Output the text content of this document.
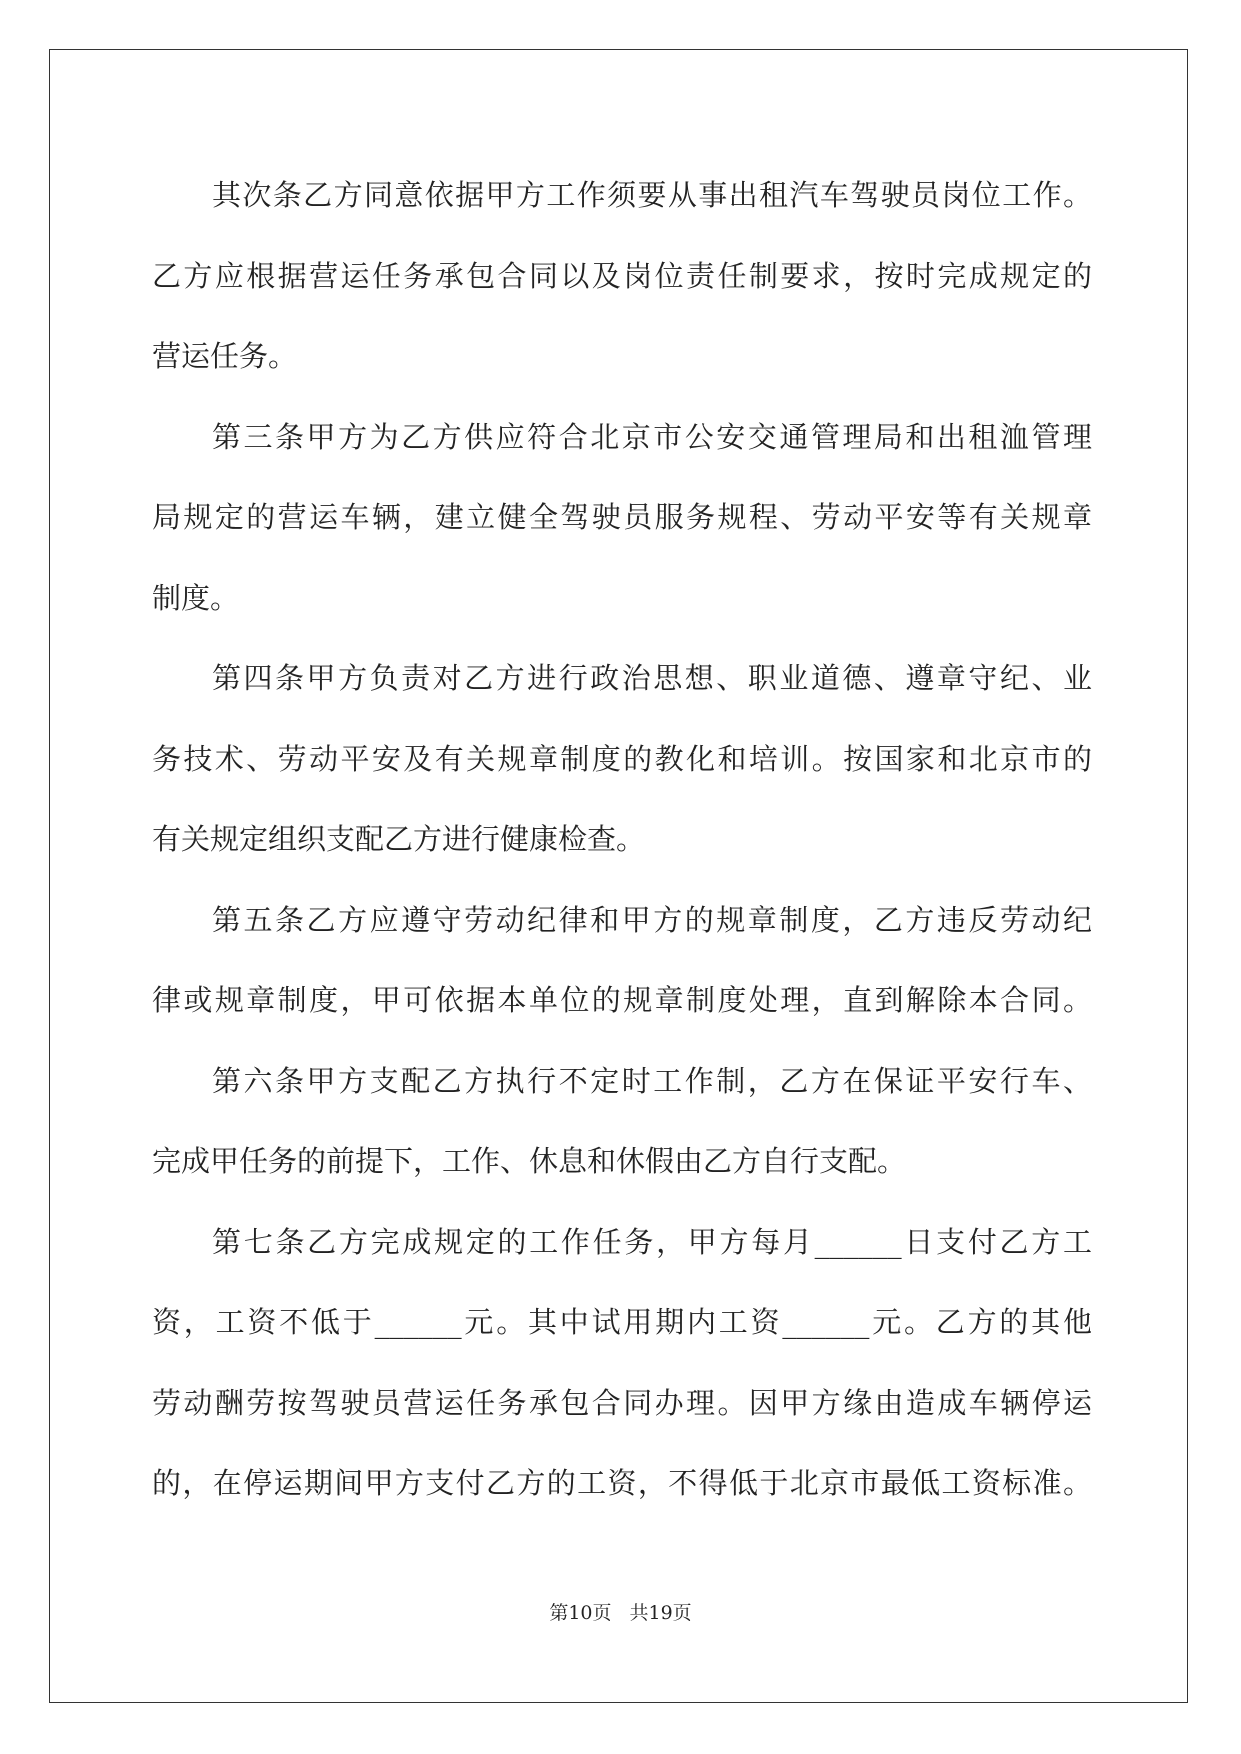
其次条乙方同意依据甲方工作须要从事出租汽车驾驶员岗位工作。
乙方应根据营运任务承包合同以及岗位责任制要求，按时完成规定的
营运任务。
第三条甲方为乙方供应符合北京市公安交通管理局和出租洫管理
局规定的营运车辆，建立健全驾驶员服务规程、劳动平安等有关规章
制度。
第四条甲方负责对乙方进行政治思想、职业道德、遵章守纪、业
务技术、劳动平安及有关规章制度的教化和培训。按国家和北京市的
有关规定组织支配乙方进行健康检查。
第五条乙方应遵守劳动纪律和甲方的规章制度，乙方违反劳动纪
律或规章制度，甲可依据本单位的规章制度处理，直到解除本合同。
第六条甲方支配乙方执行不定时工作制，乙方在保证平安行车、
完成甲任务的前提下，工作、休息和休假由乙方自行支配。
第七条乙方完成规定的工作任务，甲方每月______日支付乙方工
资，工资不低于______元。其中试用期内工资______元。乙方的其他
劳动酬劳按驾驶员营运任务承包合同办理。因甲方缘由造成车辆停运
的，在停运期间甲方支付乙方的工资，不得低于北京市最低工资标准。
第10页 共19页
